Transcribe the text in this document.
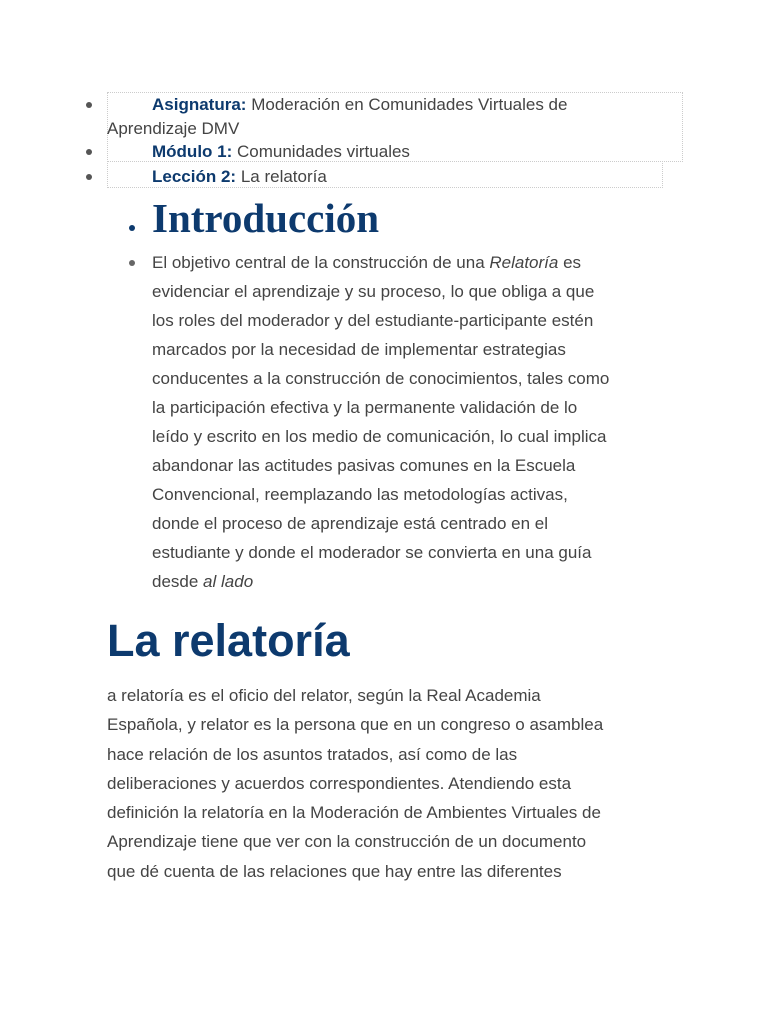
Asignatura: Moderación en Comunidades Virtuales de
Aprendizaje DMV
Módulo 1: Comunidades virtuales
Lección 2: La relatoría
Introducción

El objetivo central de la construcción de una Relatoría es
evidenciar el aprendizaje y su proceso, lo que obliga a que
los roles del moderador y del estudiante-participante estén
marcados por la necesidad de implementar estrategias
conducentes a la construcción de conocimientos, tales como
la participación efectiva y la permanente validación de lo
leído y escrito en los medio de comunicación, lo cual implica
abandonar las actitudes pasivas comunes en la Escuela
Convencional, reemplazando las metodologías activas,
donde el proceso de aprendizaje está centrado en el
estudiante y donde el moderador se convierta en una guía
desde al lado

La relatoría

a relatoría es el oficio del relator, según la Real Academia
Española, y relator es la persona que en un congreso o asamblea
hace relación de los asuntos tratados, así como de las
deliberaciones y acuerdos correspondientes. Atendiendo esta
definición la relatoría en la Moderación de Ambientes Virtuales de
Aprendizaje tiene que ver con la construcción de un documento
que dé cuenta de las relaciones que hay entre las diferentes
